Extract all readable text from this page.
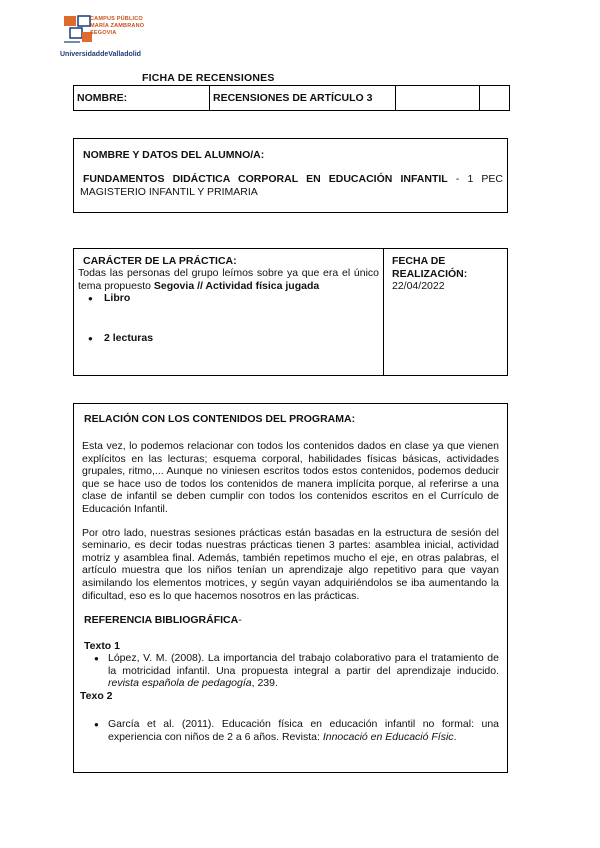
CAMPUS PÚBLICO
MARÍA ZAMBRANO
SEGOVIA
UniversidaddeValladolid
FICHA DE RECENSIONES
NOMBRE:	RECENSIONES DE ARTÍCULO 3
NOMBRE Y DATOS DEL ALUMNO/A:
FUNDAMENTOS DIDÁCTICA CORPORAL EN EDUCACIÓN INFANTIL - 1 PEC MAGISTERIO INFANTIL Y PRIMARIA
CARÁCTER DE LA PRÁCTICA:
Todas las personas del grupo leímos sobre ya que era el único tema propuesto Segovia // Actividad física jugada
● Libro
● 2 lecturas
FECHA DE REALIZACIÓN:
22/04/2022
RELACIÓN CON LOS CONTENIDOS DEL PROGRAMA:

Esta vez, lo podemos relacionar con todos los contenidos dados en clase ya que vienen explícitos en las lecturas; esquema corporal, habilidades físicas básicas, actividades grupales, ritmo,... Aunque no viniesen escritos todos estos contenidos, podemos deducir que se hace uso de todos los contenidos de manera implícita porque, al referirse a una clase de infantil se deben cumplir con todos los contenidos escritos en el Currículo de Educación Infantil.

Por otro lado, nuestras sesiones prácticas están basadas en la estructura de sesión del seminario, es decir todas nuestras prácticas tienen 3 partes: asamblea inicial, actividad motriz y asamblea final. Además, también repetimos mucho el eje, en otras palabras, el artículo muestra que los niños tenían un aprendizaje algo repetitivo para que vayan asimilando los elementos motrices, y según vayan adquiriéndolos se iba aumentando la dificultad, eso es lo que hacemos nosotros en las prácticas.

REFERENCIA BIBLIOGRÁFICA-
Texto 1
● López, V. M. (2008). La importancia del trabajo colaborativo para el tratamiento de la motricidad infantil. Una propuesta integral a partir del aprendizaje inducido. revista española de pedagogía, 239.
Texo 2
● García et al. (2011). Educación física en educación infantil no formal: una experiencia con niños de 2 a 6 años. Revista: Innocació en Educació Físic.
